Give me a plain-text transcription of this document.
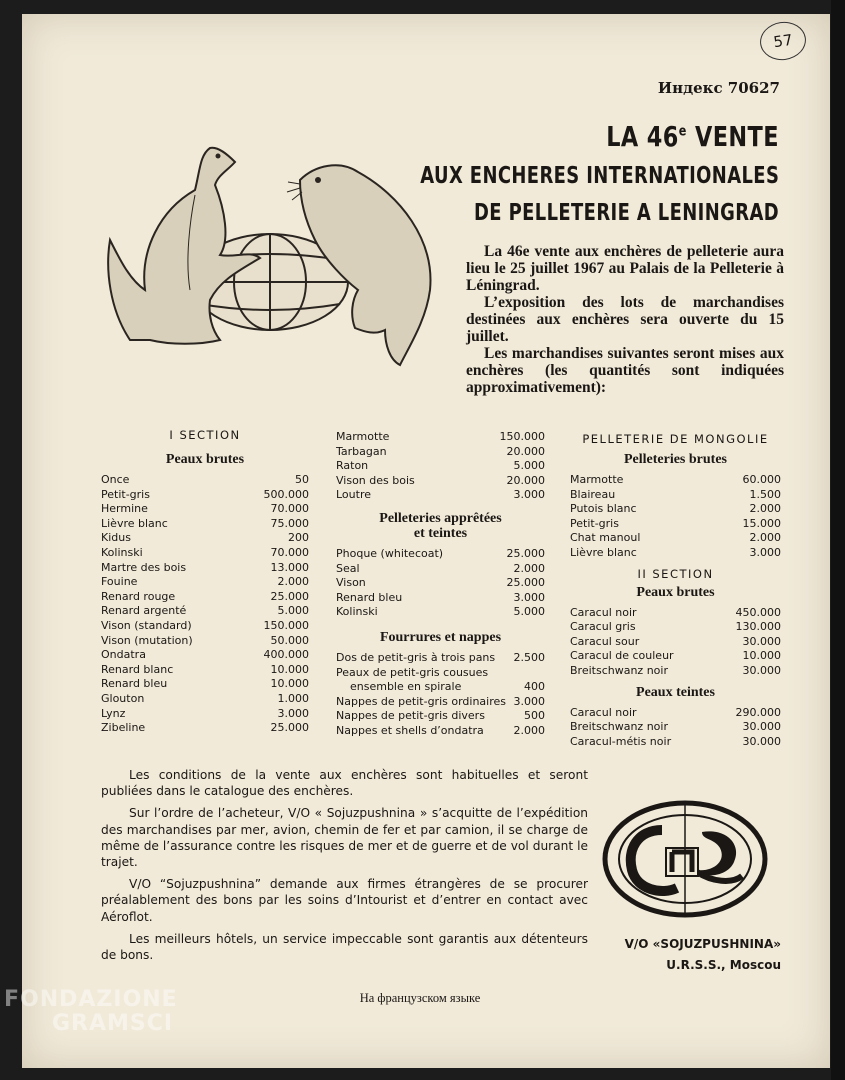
57
Индекс 70627
LA 46e VENTE
AUX ENCHERES INTERNATIONALES
DE PELLETERIE A LENINGRAD

La 46e vente aux enchères de pelleterie aura lieu le 25 juillet 1967 au Palais de la Pelleterie à Léningrad.

L’exposition des lots de marchandises destinées aux enchères sera ouverte du 15 juillet.

Les marchandises suivantes seront mises aux enchères (les quantités sont indiquées approximativement):

I SECTION
Peaux brutes
Once	50
Petit-gris	500.000
Hermine	70.000
Lièvre blanc	75.000
Kidus	200
Kolinski	70.000
Martre des bois	13.000
Fouine	2.000
Renard rouge	25.000
Renard argenté	5.000
Vison (standard)	150.000
Vison (mutation)	50.000
Ondatra	400.000
Renard blanc	10.000
Renard bleu	10.000
Glouton	1.000
Lynz	3.000
Zibeline	25.000
Marmotte	150.000
Tarbagan	20.000
Raton	5.000
Vison des bois	20.000
Loutre	3.000
Pelleteries apprêtées
et teintes
Phoque (whitecoat)	25.000
Seal	2.000
Vison	25.000
Renard bleu	3.000
Kolinski	5.000
Fourrures et nappes
Dos de petit-gris à trois pans	2.500
Peaux de petit-gris cousues
ensemble en spirale	400
Nappes de petit-gris ordinaires 3.000
Nappes de petit-gris divers	500
Nappes et shells d’ondatra	2.000
PELLETERIE DE MONGOLIE
Pelleteries brutes
Marmotte	60.000
Blaireau	1.500
Putois blanc	2.000
Petit-gris	15.000
Chat manoul	2.000
Lièvre blanc	3.000
II SECTION
Peaux brutes
Caracul noir	450.000
Caracul gris	130.000
Caracul sour	30.000
Caracul de couleur	10.000
Breitschwanz noir	30.000
Peaux teintes
Caracul noir	290.000
Breitschwanz noir	30.000
Caracul-métis noir	30.000

Les conditions de la vente aux enchères sont habituelles et seront publiées dans le catalogue des enchères.

Sur l’ordre de l’acheteur, V/O « Sojuzpushnina » s’acquitte de l’expédition des marchandises par mer, avion, chemin de fer et par camion, il se charge de même de l’assurance contre les risques de mer et de guerre et de vol durant le trajet.

V/O “Sojuzpushnina” demande aux firmes étrangères de se procurer préalablement des bons par les soins d’Intourist et d’entrer en contact avec Aéroflot.

Les meilleurs hôtels, un service impeccable sont garantis aux détenteurs de bons.

V/O «SOJUZPUSHNINA»
U.R.S.S., Moscou
На французском языке
FONDAZIONE
GRAMSCI
